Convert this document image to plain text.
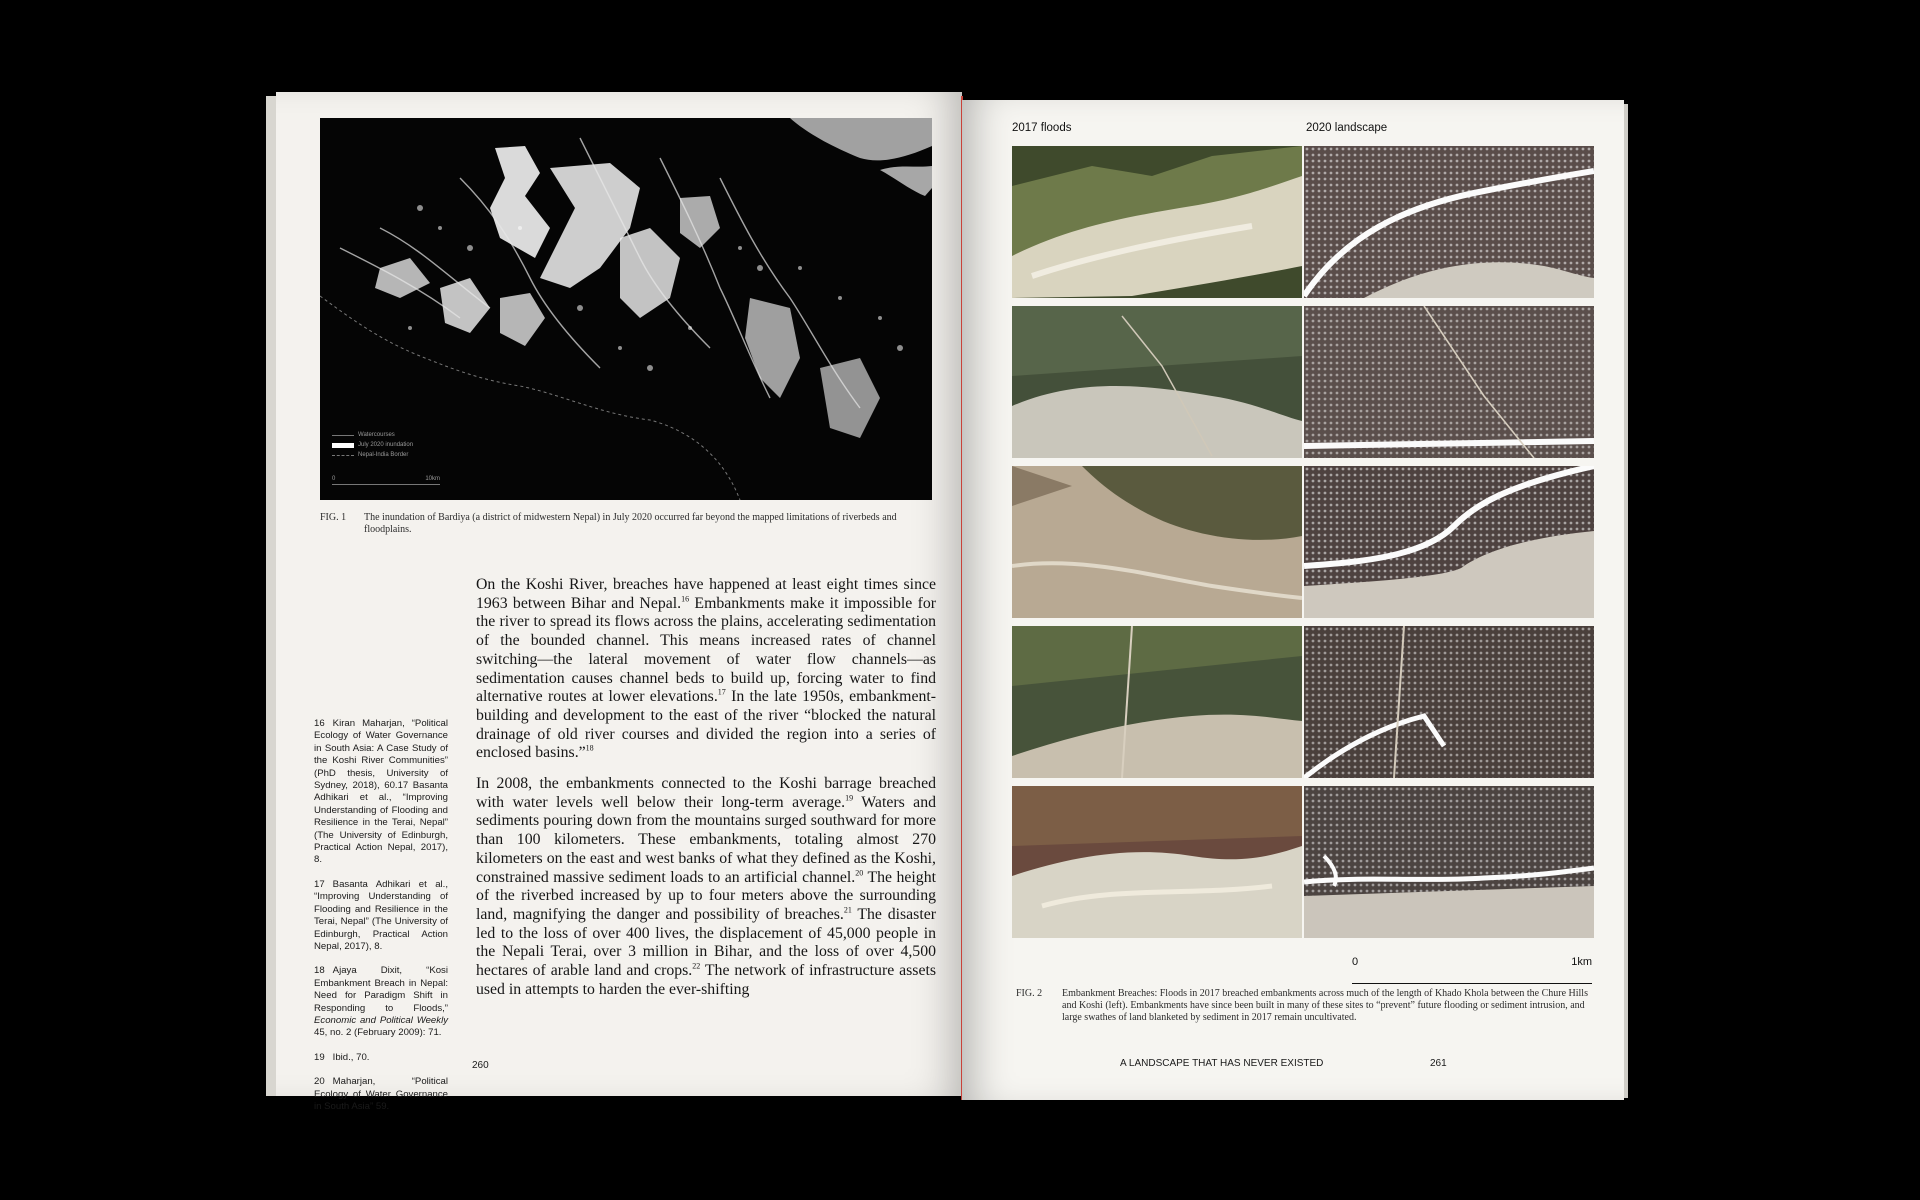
Watercourses
July 2020 inundation
Nepal-India Border
0	10km
FIG. 1 The inundation of Bardiya (a district of midwestern Nepal) in July 2020 occurred far beyond the mapped limitations of riverbeds and floodplains.
16 Kiran Maharjan, “Political Ecology of Water Governance in South Asia: A Case Study of the Koshi River Communities” (PhD thesis, University of Sydney, 2018), 60.17 Basanta Adhikari et al., “Improving Understanding of Flooding and Resilience in the Terai, Nepal” (The University of Edinburgh, Practical Action Nepal, 2017), 8.
17 Basanta Adhikari et al., “Improving Understanding of Flooding and Resilience in the Terai, Nepal” (The University of Edinburgh, Practical Action Nepal, 2017), 8.
18 Ajaya Dixit, “Kosi Embankment Breach in Nepal: Need for Paradigm Shift in Responding to Floods,” Economic and Political Weekly 45, no. 2 (February 2009): 71.
19 Ibid., 70.
20 Maharjan, “Political Ecology of Water Governance in South Asia” 59.

On the Koshi River, breaches have happened at least eight times since 1963 between Bihar and Nepal.$^{16}$ Embankments make it impossible for the river to spread its flows across the plains, accelerating sedimentation of the bounded channel. This means increased rates of channel switching—the lateral movement of water flow channels—as sedimentation causes channel beds to build up, forcing water to find alternative routes at lower elevations.$^{17}$ In the late 1950s, embankment-building and development to the east of the river “blocked the natural drainage of old river courses and divided the region into a series of enclosed basins.”$^{18}$

In 2008, the embankments connected to the Koshi barrage breached with water levels well below their long-term average.$^{19}$ Waters and sediments pouring down from the mountains surged southward for more than 100 kilometers. These embankments, totaling almost 270 kilometers on the east and west banks of what they defined as the Koshi, constrained massive sediment loads to an artificial channel.$^{20}$ The height of the riverbed increased by up to four meters above the surrounding land, magnifying the danger and possibility of breaches.$^{21}$ The disaster led to the loss of over 400 lives, the displacement of 45,000 people in the Nepali Terai, over 3 million in Bihar, and the loss of over 4,500 hectares of arable land and crops.$^{22}$ The network of infrastructure assets used in attempts to harden the ever-shifting

260
2017 floods	2020 landscape
0	1km
FIG. 2 Embankment Breaches: Floods in 2017 breached embankments across much of the length of Khado Khola between the Chure Hills and Koshi (left). Embankments have since been built in many of these sites to “prevent” future flooding or sediment intrusion, and large swathes of land blanketed by sediment in 2017 remain uncultivated.
A LANDSCAPE THAT HAS NEVER EXISTED	261
